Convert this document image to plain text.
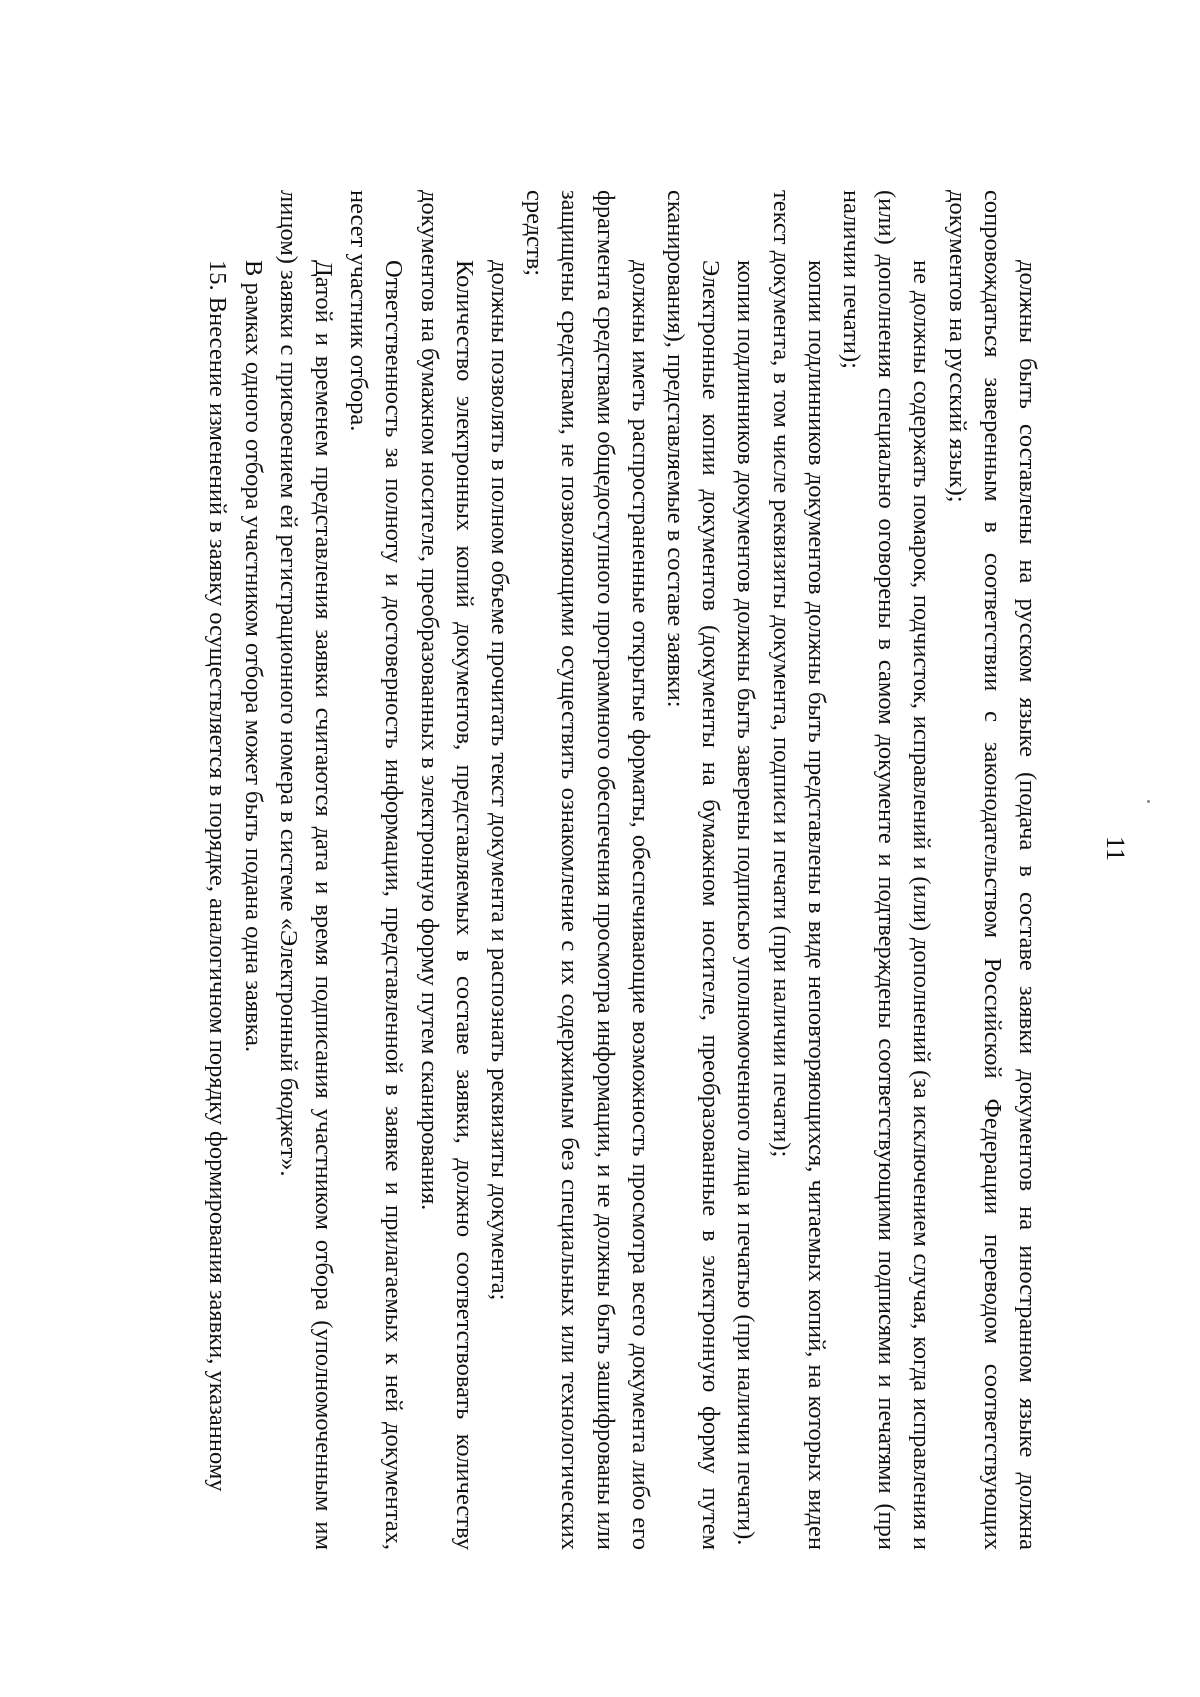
11

должны быть составлены на русском языке (подача в составе заявки документов на иностранном языке должна сопровождаться заверенным в соответствии с законодательством Российской Федерации переводом соответствующих документов на русский язык);

не должны содержать помарок, подчисток, исправлений и (или) дополнений (за исключением случая, когда исправления и (или) дополнения специально оговорены в самом документе и подтверждены соответствующими подписями и печатями (при наличии печати);

копии подлинников документов должны быть представлены в виде неповторяющихся, читаемых копий, на которых виден текст документа, в том числе реквизиты документа, подписи и печати (при наличии печати);

копии подлинников документов должны быть заверены подписью уполномоченного лица и печатью (при наличии печати).

Электронные копии документов (документы на бумажном носителе, преобразованные в электронную форму путем сканирования), представляемые в составе заявки:

должны иметь распространенные открытые форматы, обеспечивающие возможность просмотра всего документа либо его фрагмента средствами общедоступного программного обеспечения просмотра информации, и не должны быть зашифрованы или защищены средствами, не позволяющими осуществить ознакомление с их содержимым без специальных или технологических средств;

должны позволять в полном объеме прочитать текст документа и распознать реквизиты документа;

Количество электронных копий документов, представляемых в составе заявки, должно соответствовать количеству документов на бумажном носителе, преобразованных в электронную форму путем сканирования.

Ответственность за полноту и достоверность информации, представленной в заявке и прилагаемых к ней документах, несет участник отбора.

Датой и временем представления заявки считаются дата и время подписания участником отбора (уполномоченным им лицом) заявки с присвоением ей регистрационного номера в системе «Электронный бюджет».

В рамках одного отбора участником отбора может быть подана одна заявка.

15. Внесение изменений в заявку осуществляется в порядке, аналогичном порядку формирования заявки, указанному
